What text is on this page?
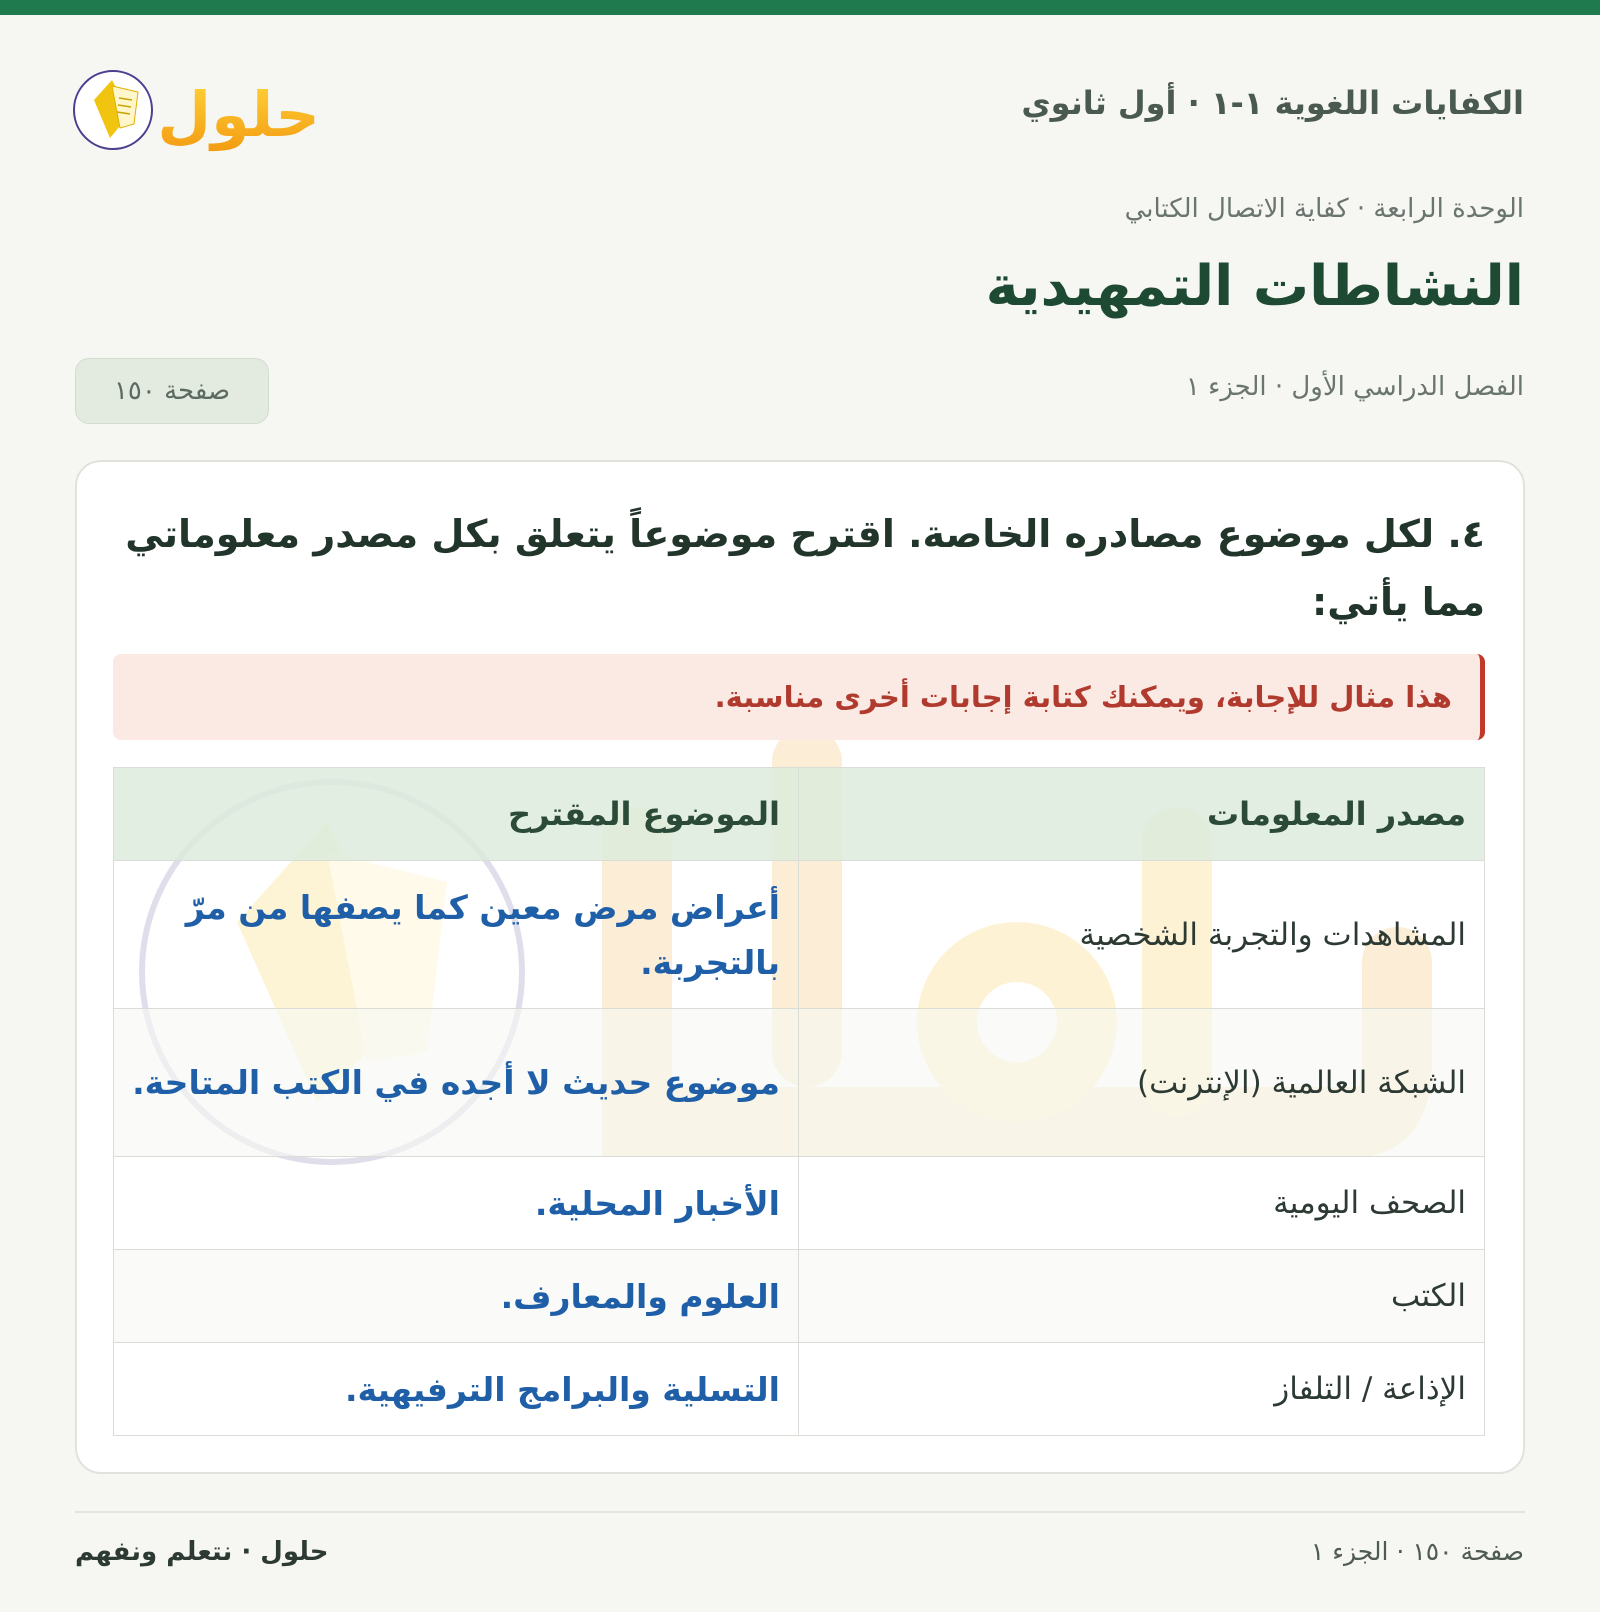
الكفايات اللغوية ١-١ · أول ثانوي
حلول
الوحدة الرابعة · كفاية الاتصال الكتابي
النشاطات التمهيدية
الفصل الدراسي الأول · الجزء ١
صفحة ١٥٠
٤. لكل موضوع مصادره الخاصة. اقترح موضوعاً يتعلق بكل مصدر معلوماتي مما يأتي:
هذا مثال للإجابة، ويمكنك كتابة إجابات أخرى مناسبة.
مصدر المعلومات	الموضوع المقترح
المشاهدات والتجربة الشخصية	أعراض مرض معين كما يصفها من مرّ بالتجربة.
الشبكة العالمية (الإنترنت)	موضوع حديث لا أجده في الكتب المتاحة.
الصحف اليومية	الأخبار المحلية.
الكتب	العلوم والمعارف.
الإذاعة / التلفاز	التسلية والبرامج الترفيهية.
صفحة ١٥٠ · الجزء ١
حلول · نتعلم ونفهم
